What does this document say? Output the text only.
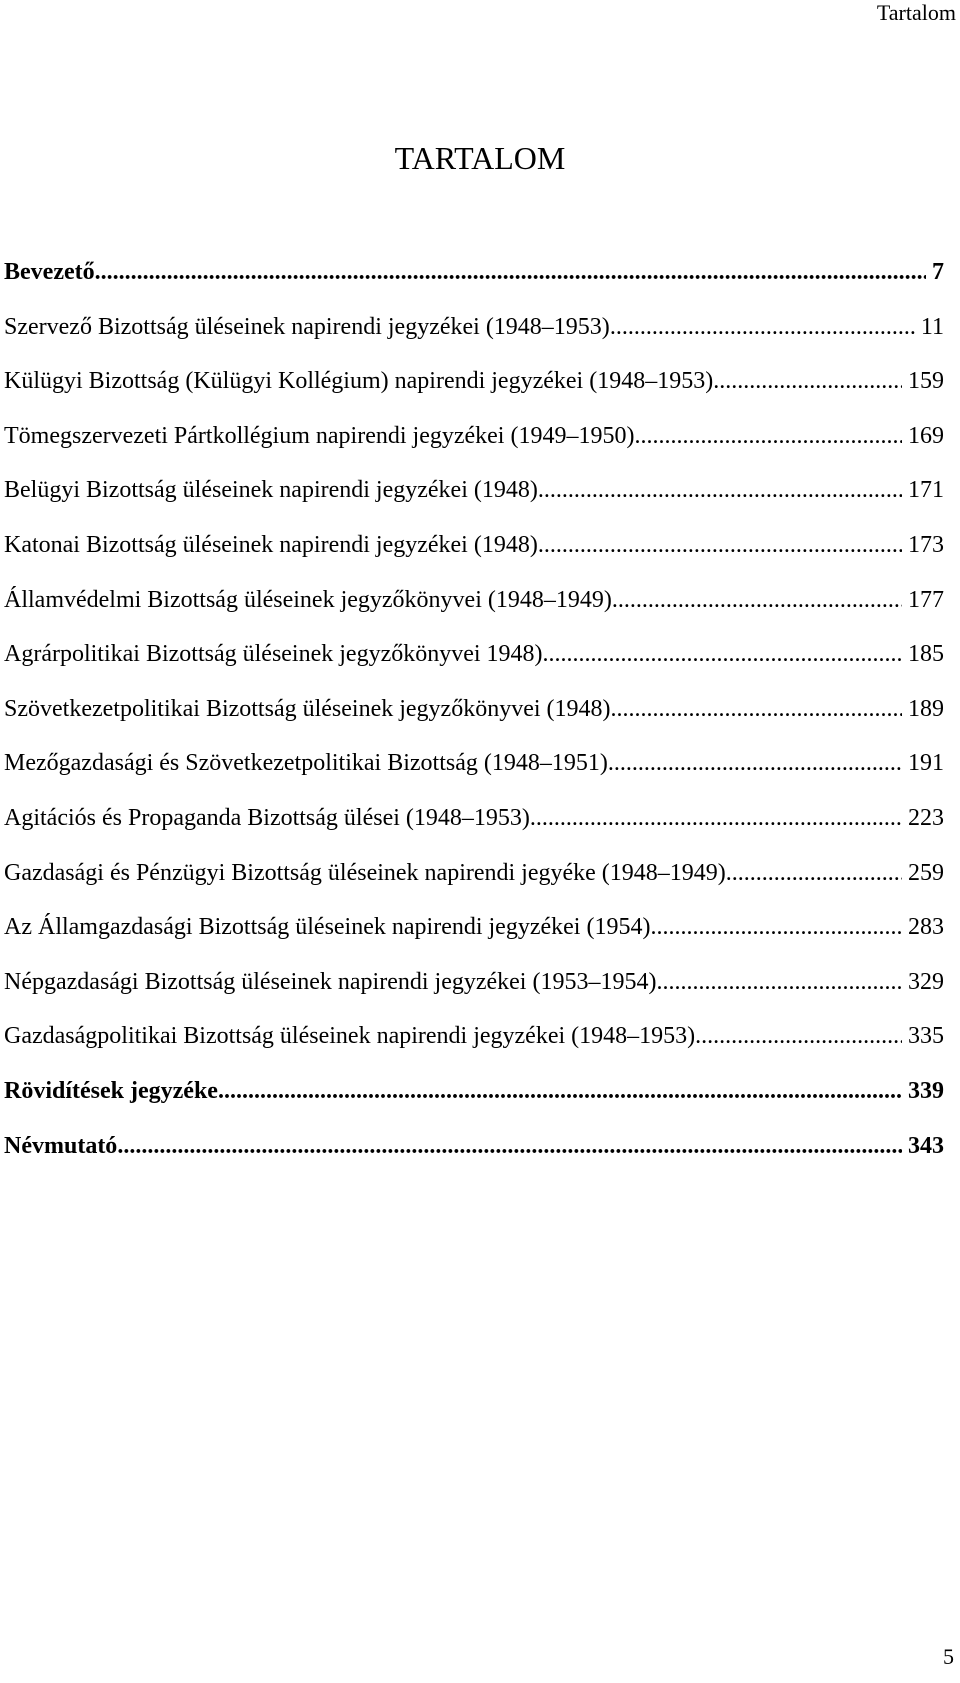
Tartalom
TARTALOM
Bevezető .....	7
Szervező Bizottság üléseinek napirendi jegyzékei (1948–1953) .....	11
Külügyi Bizottság (Külügyi Kollégium) napirendi jegyzékei (1948–1953) .....	159
Tömegszervezeti Pártkollégium napirendi jegyzékei (1949–1950) .....	169
Belügyi Bizottság üléseinek napirendi jegyzékei (1948) .....	171
Katonai Bizottság üléseinek napirendi jegyzékei (1948) .....	173
Államvédelmi Bizottság üléseinek jegyzőkönyvei (1948–1949) .....	177
Agrárpolitikai Bizottság üléseinek jegyzőkönyvei 1948) .....	185
Szövetkezetpolitikai Bizottság üléseinek jegyzőkönyvei (1948) .....	189
Mezőgazdasági és Szövetkezetpolitikai Bizottság (1948–1951) .....	191
Agitációs és Propaganda Bizottság ülései (1948–1953) .....	223
Gazdasági és Pénzügyi Bizottság üléseinek napirendi jegyéke (1948–1949) .....	259
Az Államgazdasági Bizottság üléseinek napirendi jegyzékei (1954) .....	283
Népgazdasági Bizottság üléseinek napirendi jegyzékei (1953–1954) .....	329
Gazdaságpolitikai Bizottság üléseinek napirendi jegyzékei (1948–1953) .....	335
Rövidítések jegyzéke .....	339
Névmutató .....	343
5
